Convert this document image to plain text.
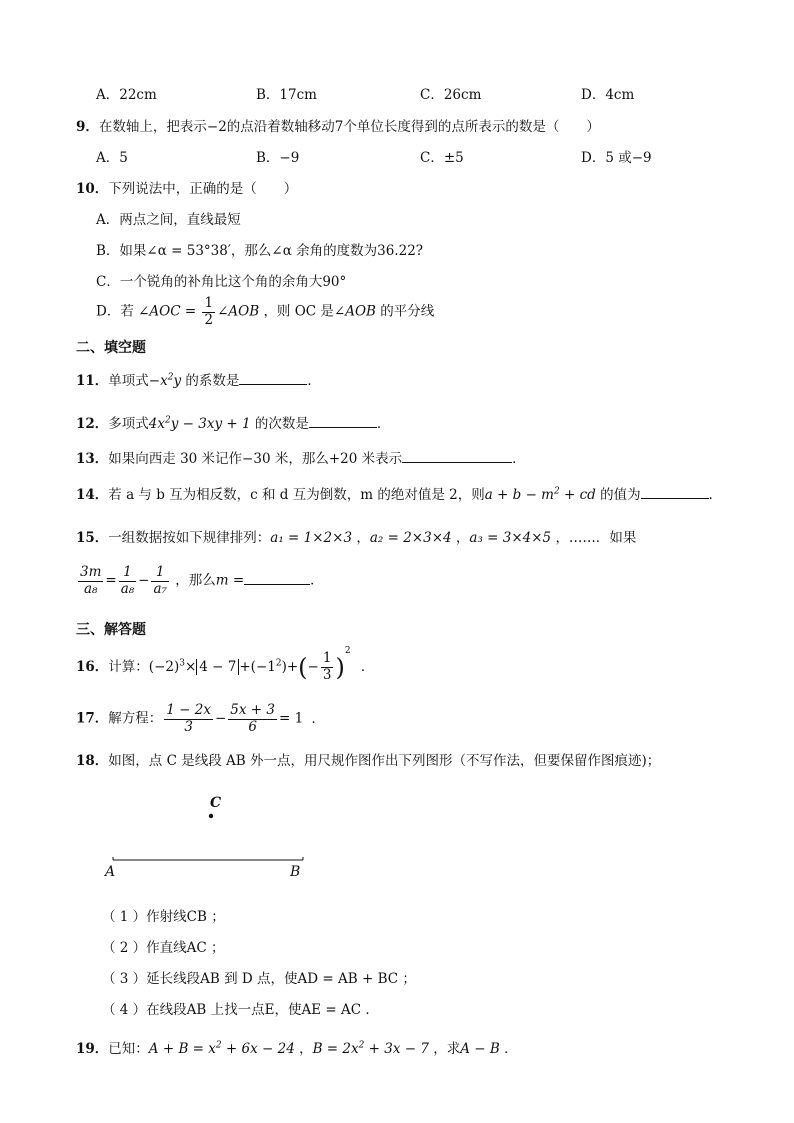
A．22cm	B．17cm	C．26cm	D．4cm
9．在数轴上，把表示−2的点沿着数轴移动7个单位长度得到的点所表示的数是（　　）
A．5	B．−9	C．±5	D．5 或−9
10．下列说法中，正确的是（　　）
A．两点之间，直线最短
B．如果∠α = 53°38′，那么∠α 余角的度数为36.22?
C．一个锐角的补角比这个角的余角大90°
D．若 ∠AOC = $\frac{1}{2}$ ∠AOB ，则 OC 是∠AOB 的平分线
二、填空题
11．单项式$-x^2y$ 的系数是	．
12．多项式$4x^2y - 3xy + 1$ 的次数是	．
13．如果向西走 30 米记作−30 米，那么+20 米表示	．
14．若 a 与 b 互为相反数，c 和 d 互为倒数，m 的绝对值是 2，则$a + b - m^2$ + cd 的值为	．
15．一组数据按如下规律排列：a₁ = 1×2×3 ，a₂ = 2×3×4 ，a₃ = 3×4×5 ，……．如果
$\frac{3m}{\text{a₈}} = \frac{1}{\text{a₈}} - \frac{1}{\text{a₇}}$ ，那么m =	．
三、解答题
16．计算：$(-2)^3\times 4 - 7 +(-1^2)+(- \frac{1}{3} )^2$ ．
17．解方程： $\frac{1 - 2x}{3} - \frac{5x + 3}{6} = 1$ ．
18．如图，点 C 是线段 AB 外一点，用尺规作图作出下列图形（不写作法，但要保留作图痕迹)；
C
A	B
（ 1 ）作射线CB ；
（ 2 ）作直线AC ；
（ 3 ）延长线段AB 到 D 点，使AD = AB + BC ；
（ 4 ）在线段AB 上找一点E，使AE = AC ．
19．已知：$A + B = x^2 + 6x - 24$ ，$B = 2x^2 + 3x - 7$ ，求A − B ．
